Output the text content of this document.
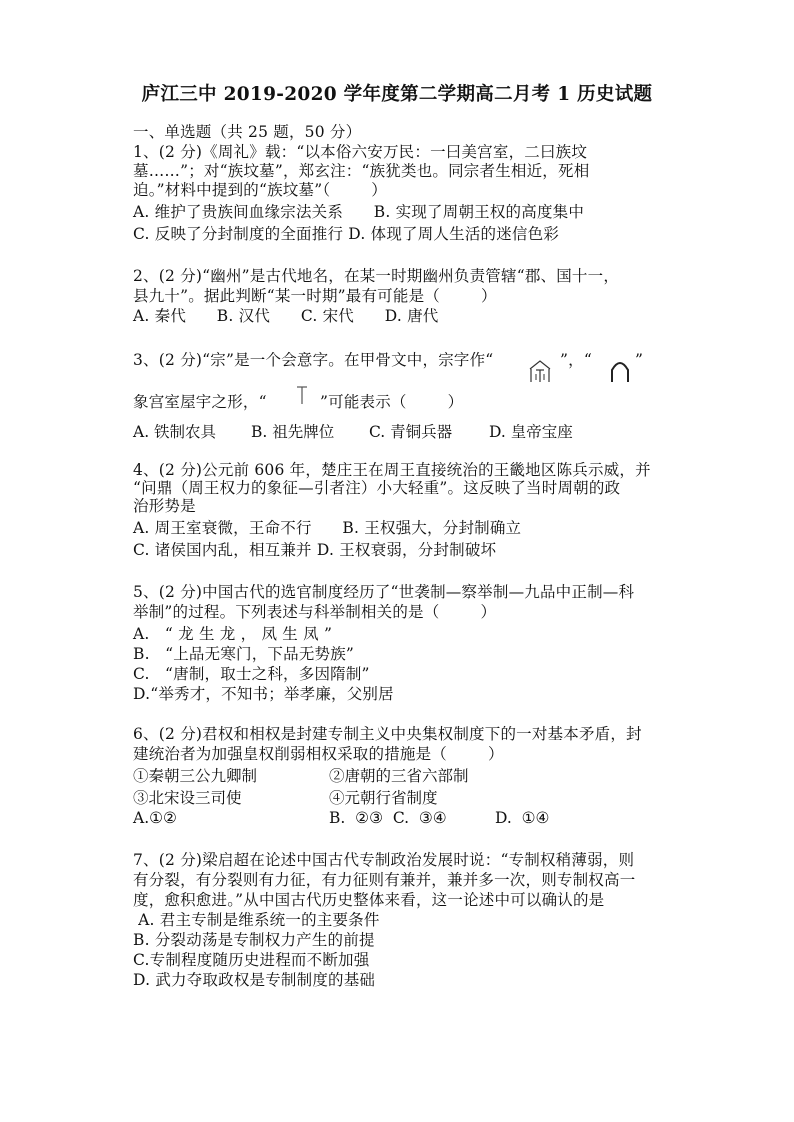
庐江三中 2019-2020 学年度第二学期高二月考 1 历史试题
一、单选题（共 25 题，50 分）
1、(2 分)《周礼》载：“以本俗六安万民：一曰美宫室，二曰族坟
墓……”；对“族坟墓”，郑玄注：“族犹类也。同宗者生相近，死相
迫。”材料中提到的“族坟墓”（        ）
A. 维护了贵族间血缘宗法关系      B. 实现了周朝王权的高度集中
C. 反映了分封制度的全面推行 D. 体现了周人生活的迷信色彩
2、(2 分)“幽州”是古代地名，在某一时期幽州负责管辖“郡、国十一，
县九十”。据此判断“某一时期”最有可能是（        ）
A. 秦代      B. 汉代      C. 宋代      D. 唐代
3、(2 分)“宗”是一个会意字。在甲骨文中，宗字作“	”，“	”
象宫室屋宇之形，“	”可能表示（        ）

A. 铁制农具

B. 祖先牌位

C. 青铜兵器

D. 皇帝宝座

4、(2 分)公元前 606 年，楚庄王在周王直接统治的王畿地区陈兵示威，并
“问鼎（周王权力的象征—引者注）小大轻重”。这反映了当时周朝的政
治形势是
A. 周王室衰微，王命不行      B. 王权强大，分封制确立
C. 诸侯国内乱，相互兼并 D. 王权衰弱，分封制破坏
5、(2 分)中国古代的选官制度经历了“世袭制—察举制—九品中正制—科
举制”的过程。下列表述与科举制相关的是（        ）
A.   “ 龙 生 龙 ， 凤 生 凤 ”
B.   “上品无寒门，下品无势族”
C.   “唐制，取士之科，多因隋制”
D.“举秀才，不知书；举孝廉，父别居
6、(2 分)君权和相权是封建专制主义中央集权制度下的一对基本矛盾，封
建统治者为加强皇权削弱相权采取的措施是（        ）

①秦朝三公九卿制

	②唐朝的三省六部制

③北宋设三司使

	④元朝行省制度

A.①②

	B.  ②③  C.  ③④

	D.  ①④

7、(2 分)梁启超在论述中国古代专制政治发展时说：“专制权稍薄弱，则
有分裂，有分裂则有力征，有力征则有兼并，兼并多一次，则专制权高一
度，愈积愈进。”从中国古代历史整体来看，这一论述中可以确认的是
A. 君主专制是维系统一的主要条件
B. 分裂动荡是专制权力产生的前提
C.专制程度随历史进程而不断加强
D. 武力夺取政权是专制制度的基础
